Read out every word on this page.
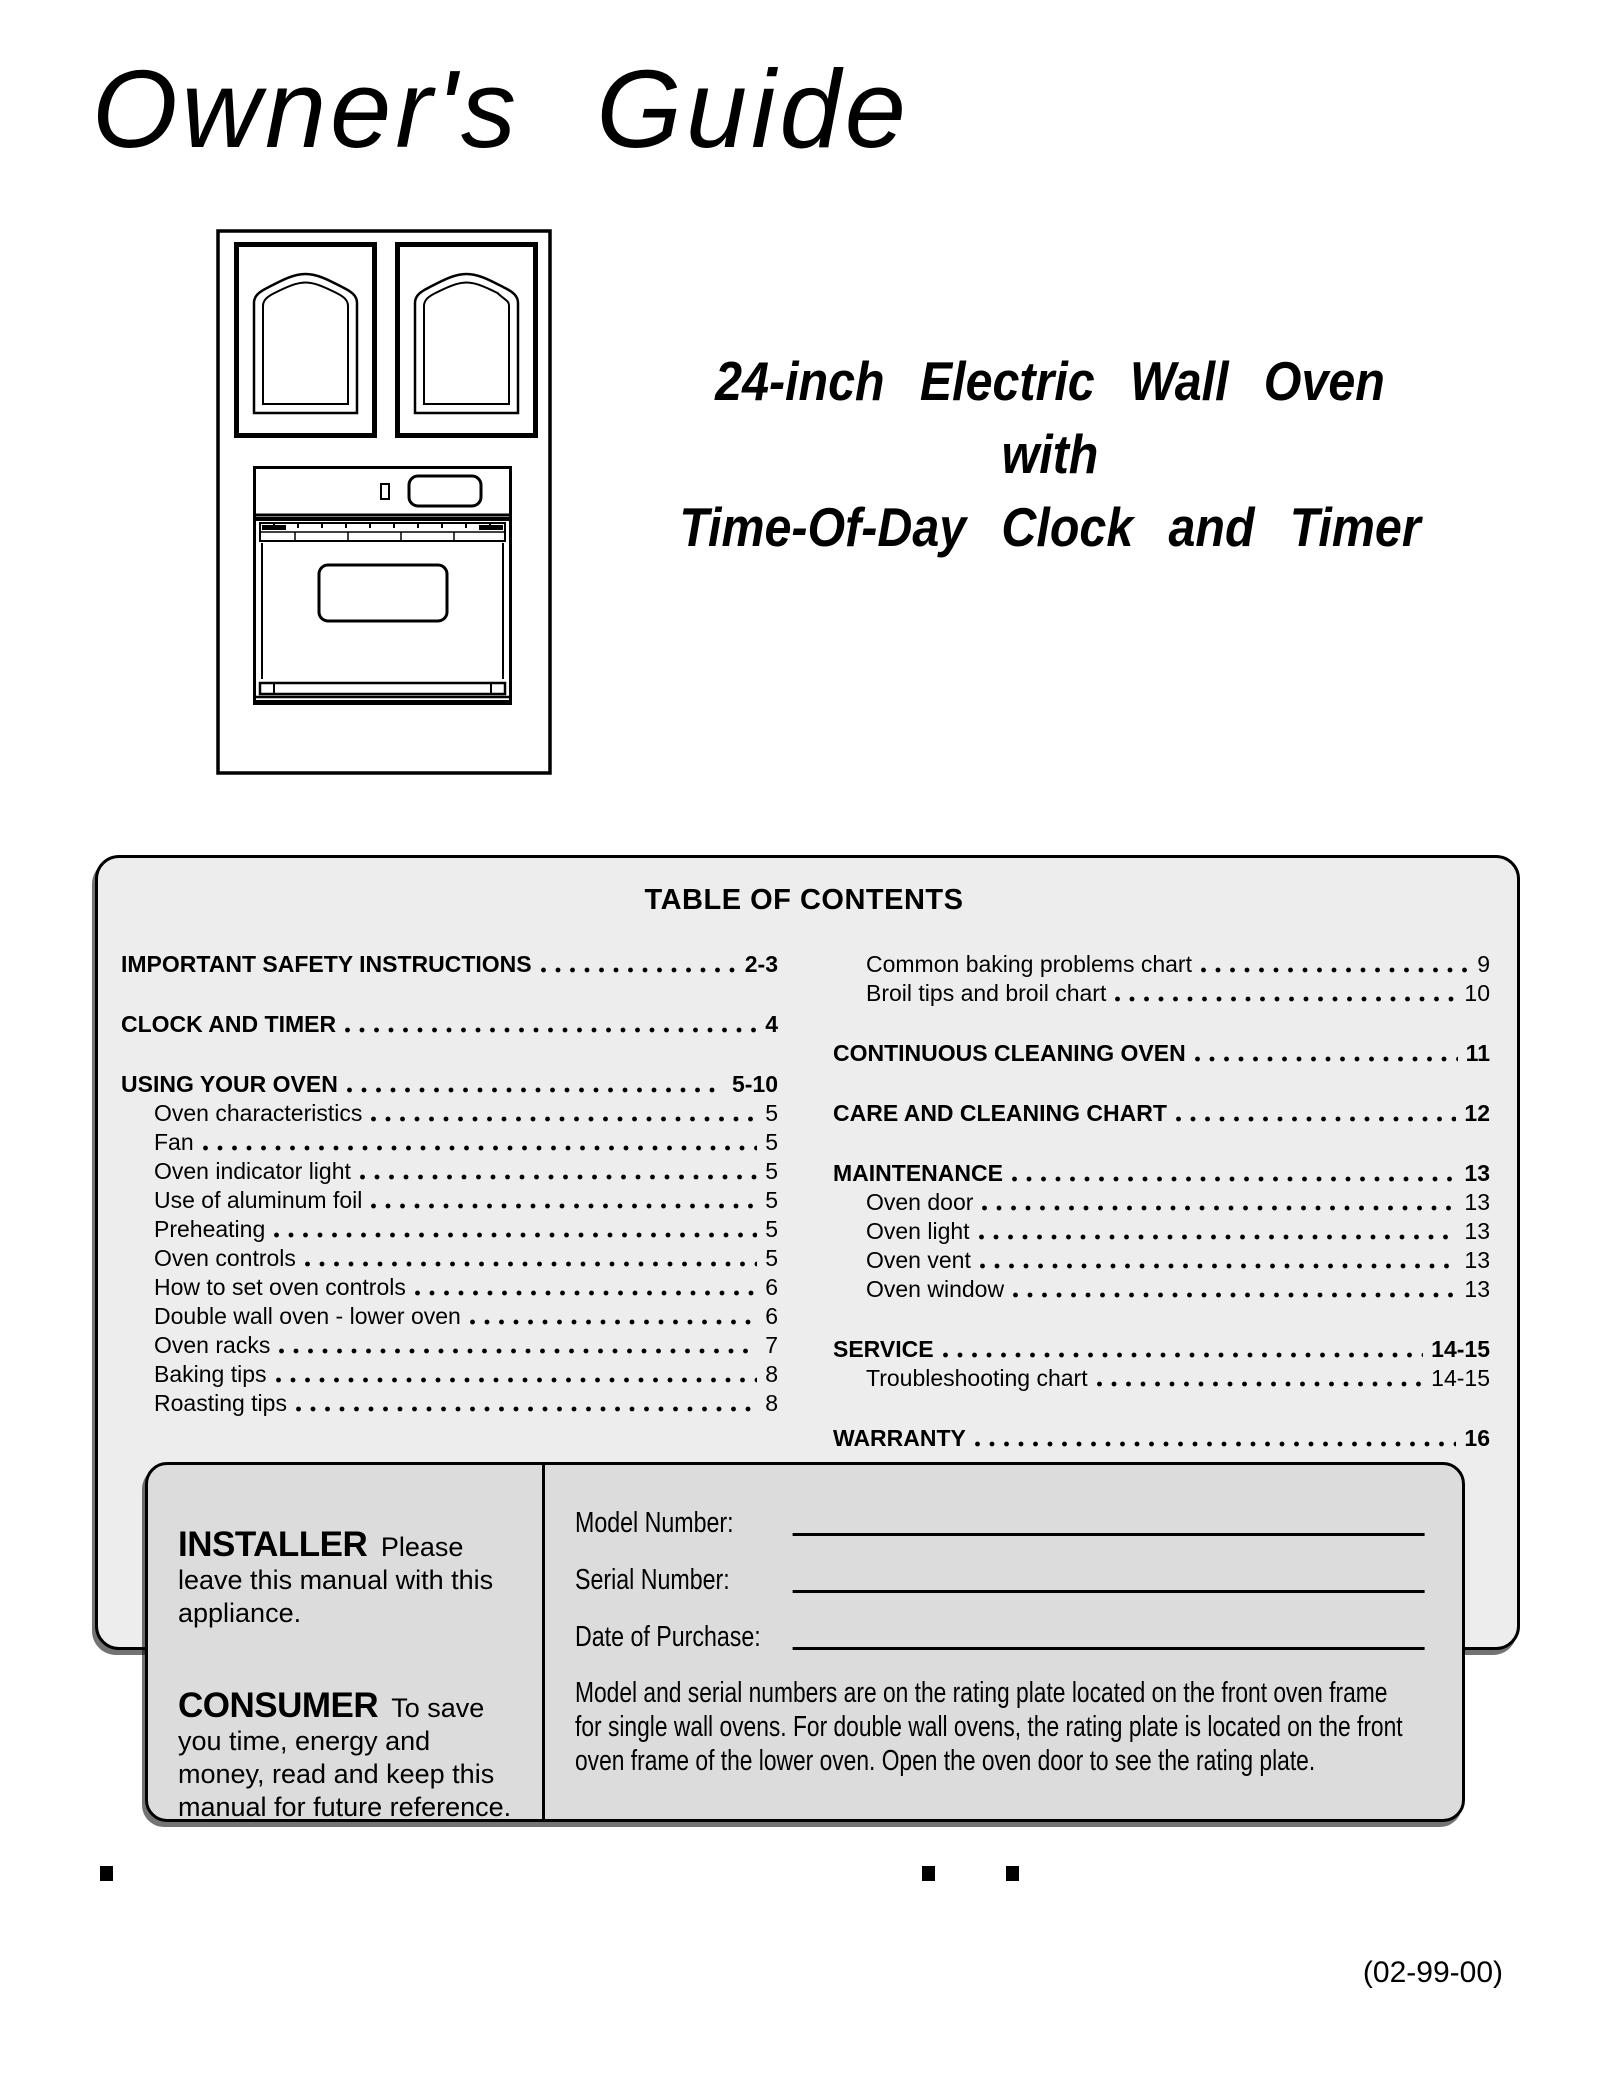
Owner's Guide
24-inch Electric Wall Oven
with
Time-Of-Day Clock and Timer
TABLE OF CONTENTS
IMPORTANT SAFETY INSTRUCTIONS	2-3
CLOCK AND TIMER	4
USING YOUR OVEN	5-10
Oven characteristics	5
Fan	5
Oven indicator light	5
Use of aluminum foil	5
Preheating	5
Oven controls	5
How to set oven controls	6
Double wall oven - lower oven	6
Oven racks	7
Baking tips	8
Roasting tips	8
Common baking problems chart	9
Broil tips and broil chart	10
CONTINUOUS CLEANING OVEN	11
CARE AND CLEANING CHART	12
MAINTENANCE	13
Oven door	13
Oven light	13
Oven vent	13
Oven window	13
SERVICE	14-15
Troubleshooting chart	14-15
WARRANTY	16

INSTALLER Please leave this manual with this appliance.

CONSUMER To save you time, energy and money, read and keep this manual for future reference.

Model Number:
Serial Number:
Date of Purchase:

Model and serial numbers are on the rating plate located on the front oven frame for single wall ovens. For double wall ovens, the rating plate is located on the front oven frame of the lower oven. Open the oven door to see the rating plate.

(02-99-00)
